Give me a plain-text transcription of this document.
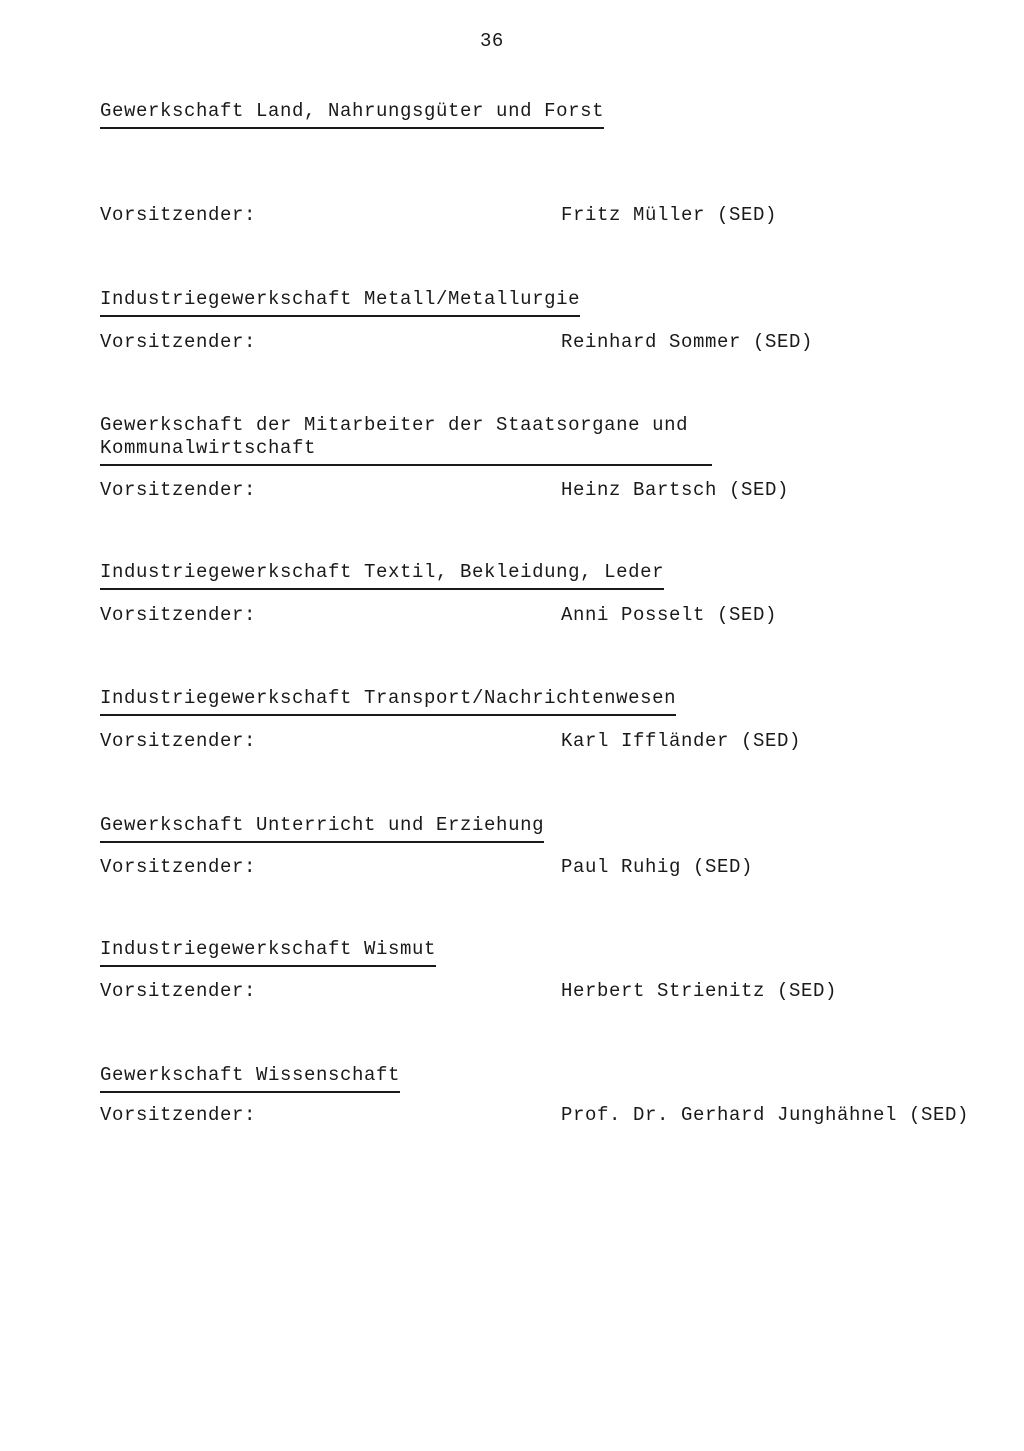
36
Gewerkschaft Land, Nahrungsgüter und Forst
Vorsitzender:	Fritz Müller (SED)
Industriegewerkschaft Metall/Metallurgie
Vorsitzender:	Reinhard Sommer (SED)
Gewerkschaft der Mitarbeiter der Staatsorgane und
Kommunalwirtschaft
Vorsitzender:	Heinz Bartsch (SED)
Industriegewerkschaft Textil, Bekleidung, Leder
Vorsitzender:	Anni Posselt (SED)
Industriegewerkschaft Transport/Nachrichtenwesen
Vorsitzender:	Karl Iffländer (SED)
Gewerkschaft Unterricht und Erziehung
Vorsitzender:	Paul Ruhig (SED)
Industriegewerkschaft Wismut
Vorsitzender:	Herbert Strienitz (SED)
Gewerkschaft Wissenschaft
Vorsitzender:	Prof. Dr. Gerhard Junghähnel (SED)
